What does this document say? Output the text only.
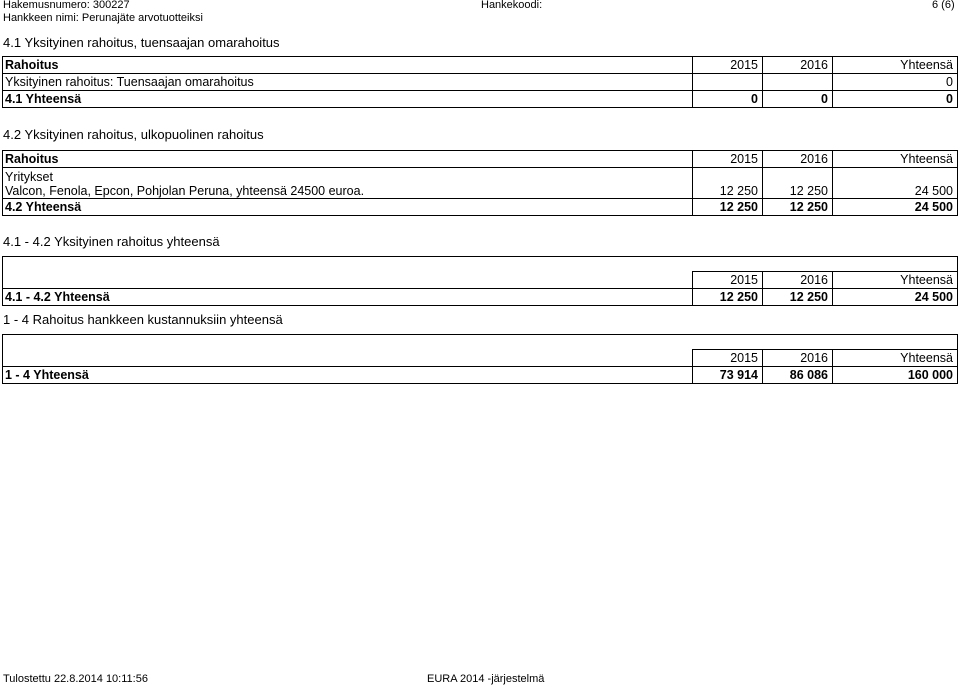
Hakemusnumero: 300227
Hankkeen nimi: Perunajäte arvotuotteiksi
Hankekoodi:	6 (6)
4.1 Yksityinen rahoitus, tuensaajan omarahoitus
Rahoitus	2015	2016	Yhteensä
Yksityinen rahoitus: Tuensaajan omarahoitus			0
4.1 Yhteensä	0	0	0
4.2 Yksityinen rahoitus, ulkopuolinen rahoitus
Rahoitus	2015	2016	Yhteensä
Yritykset
Valcon, Fenola, Epcon, Pohjolan Peruna, yhteensä 24500 euroa.	12 250	12 250	24 500
4.2 Yhteensä	12 250	12 250	24 500
4.1 - 4.2 Yksityinen rahoitus yhteensä

	2015	2016	Yhteensä
4.1 - 4.2 Yhteensä	12 250	12 250	24 500
1 - 4 Rahoitus hankkeen kustannuksiin yhteensä

	2015	2016	Yhteensä
1 - 4 Yhteensä	73 914	86 086	160 000
Tulostettu 22.8.2014 10:11:56	EURA 2014 -järjestelmä
